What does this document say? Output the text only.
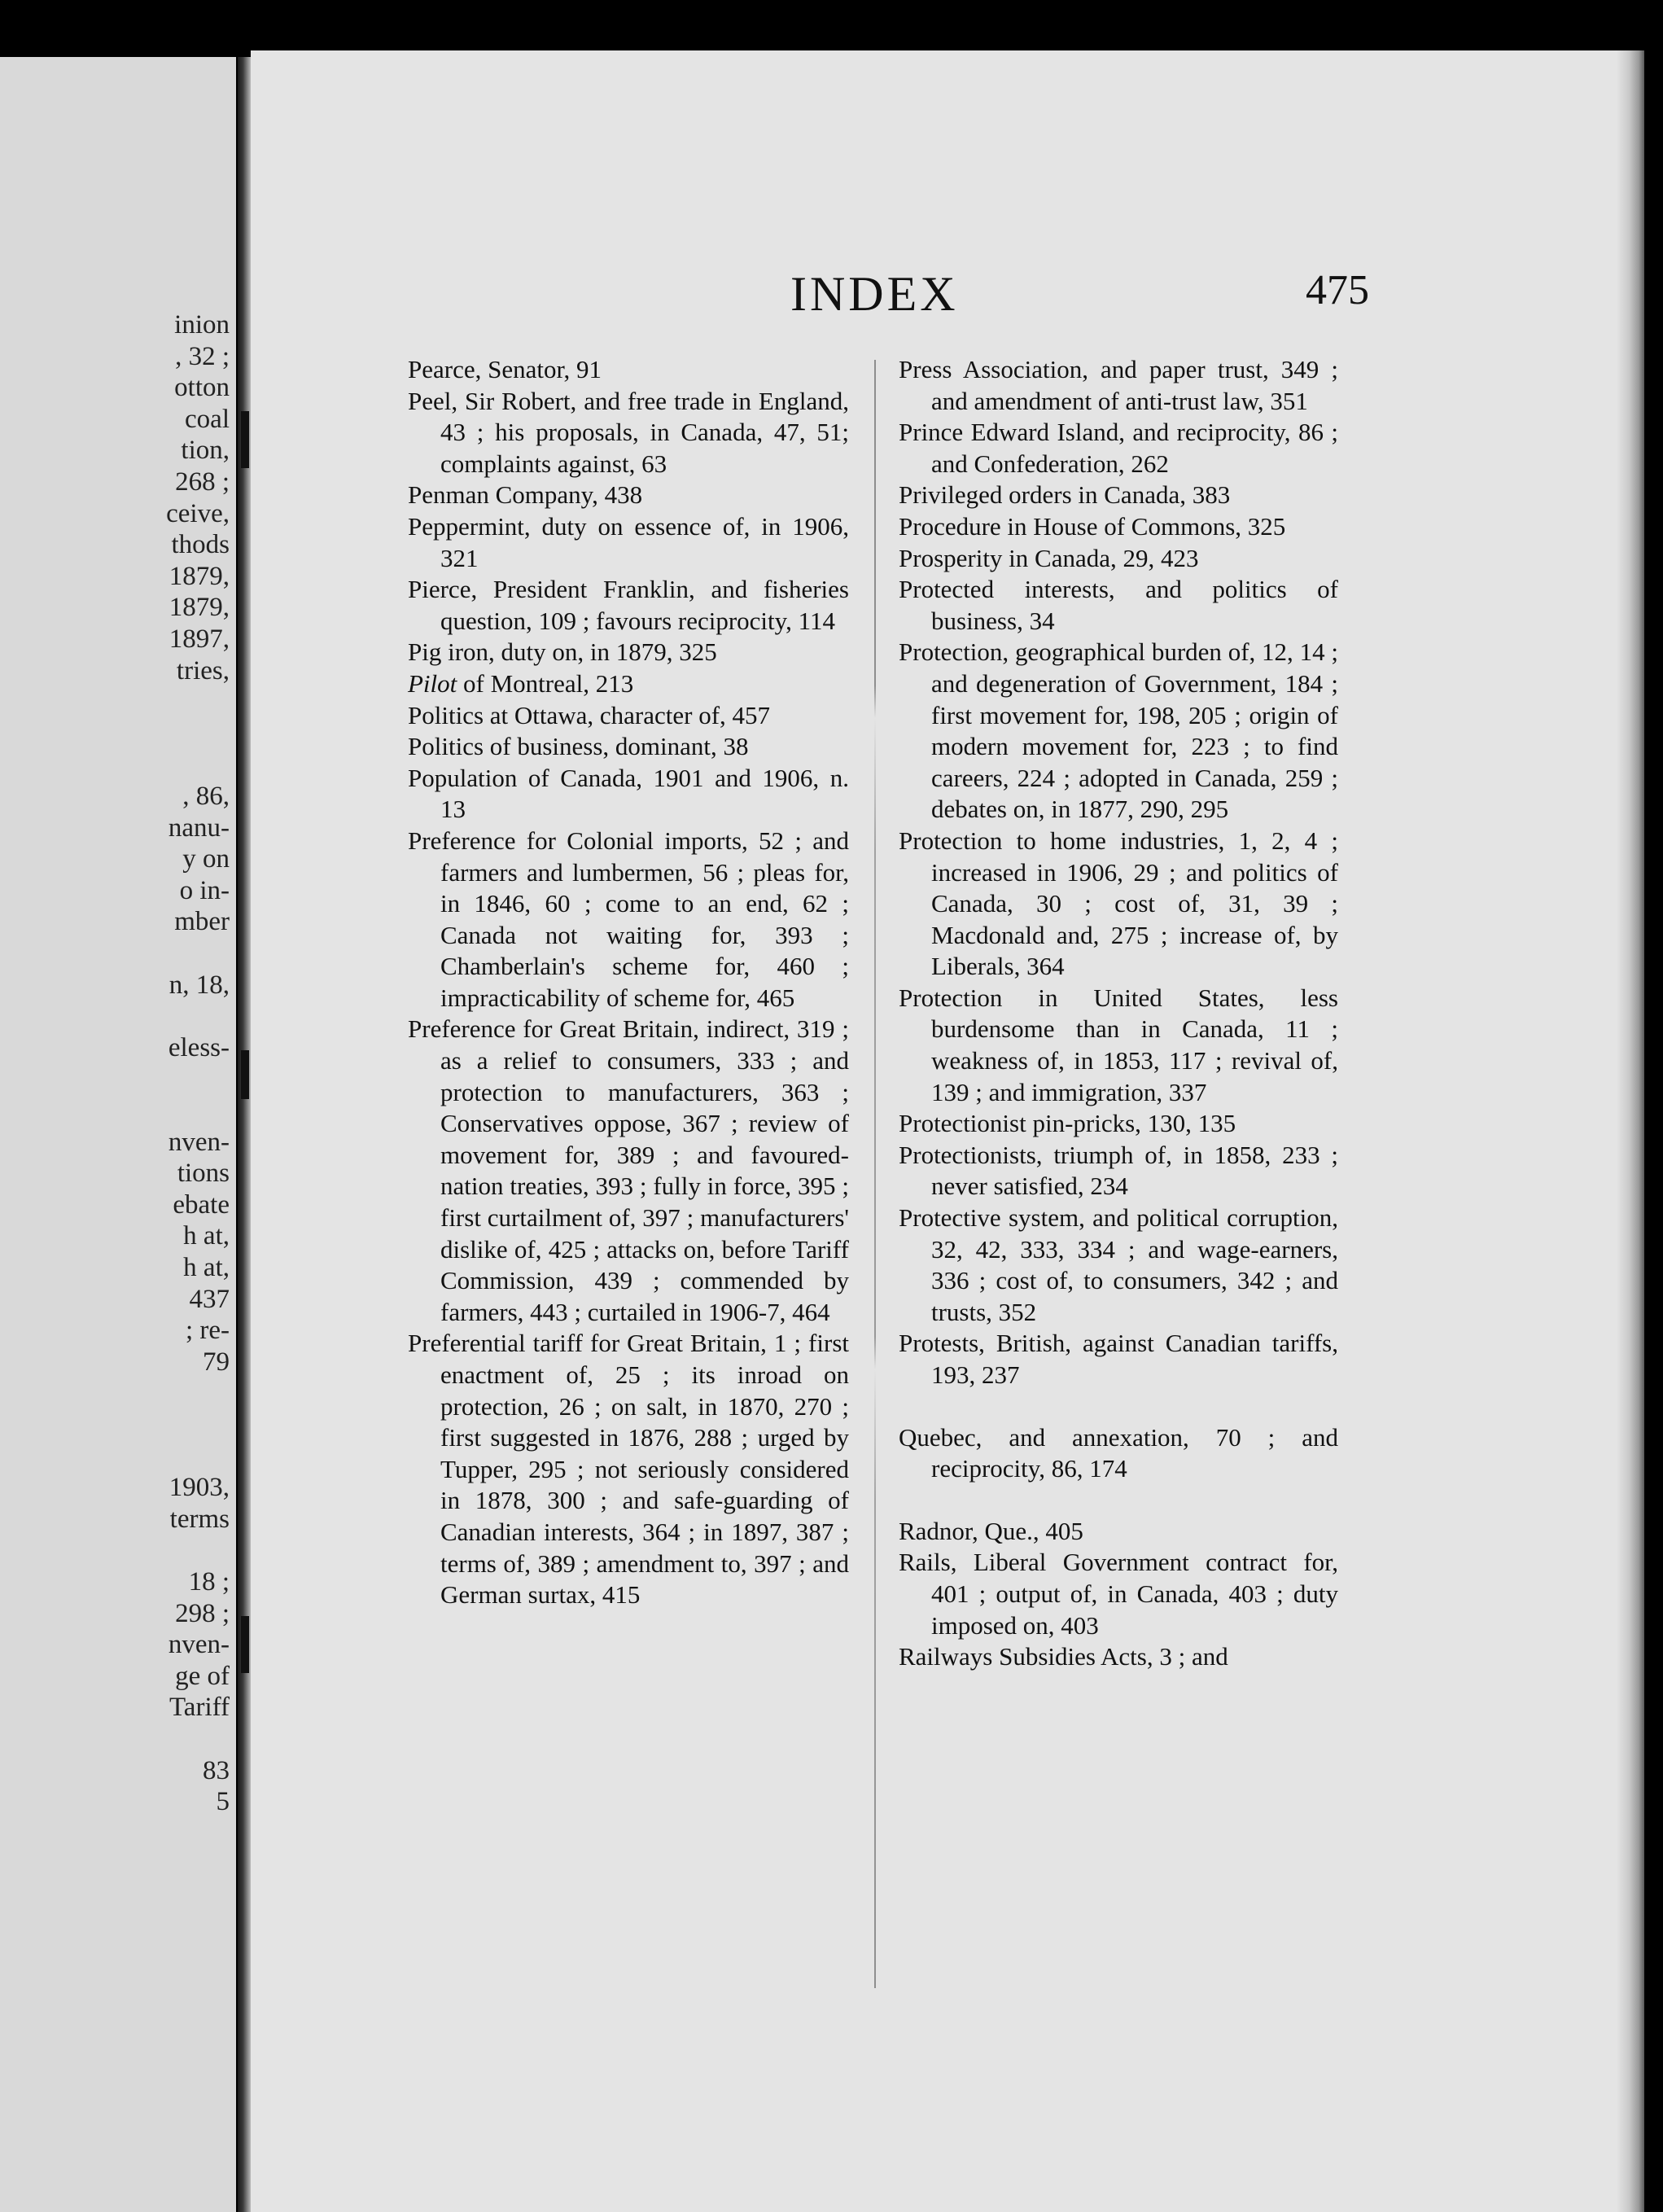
inion
, 32 ;
otton
coal
tion,
268 ;
ceive,
thods
1879,
1879,
1897,
tries,
, 86,
nanu-
y on
o in-
mber
n, 18,
eless-
nven-
tions
ebate
h at,
h at,
437
; re-
79
1903,
terms
18 ;
298 ;
nven-
ge of
Tariff
83
5
INDEX	475
Pearce, Senator, 91
Peel, Sir Robert, and free trade in England, 43 ; his proposals, in Canada, 47, 51; complaints against, 63
Penman Company, 438
Peppermint, duty on essence of, in 1906, 321
Pierce, President Franklin, and fisheries question, 109 ; favours reciprocity, 114
Pig iron, duty on, in 1879, 325
Pilot of Montreal, 213
Politics at Ottawa, character of, 457
Politics of business, dominant, 38
Population of Canada, 1901 and 1906, n. 13
Preference for Colonial imports, 52 ; and farmers and lumbermen, 56 ; pleas for, in 1846, 60 ; come to an end, 62 ; Canada not waiting for, 393 ; Chamberlain's scheme for, 460 ; impracticability of scheme for, 465
Preference for Great Britain, indirect, 319 ; as a relief to consumers, 333 ; and protection to manufacturers, 363 ; Conservatives oppose, 367 ; review of movement for, 389 ; and favoured-nation treaties, 393 ; fully in force, 395 ; first curtailment of, 397 ; manufacturers' dislike of, 425 ; attacks on, before Tariff Commission, 439 ; commended by farmers, 443 ; curtailed in 1906-7, 464
Preferential tariff for Great Britain, 1 ; first enactment of, 25 ; its inroad on protection, 26 ; on salt, in 1870, 270 ; first suggested in 1876, 288 ; urged by Tupper, 295 ; not seriously considered in 1878, 300 ; and safe-guarding of Canadian interests, 364 ; in 1897, 387 ; terms of, 389 ; amendment to, 397 ; and German surtax, 415
Press Association, and paper trust, 349 ; and amendment of anti-trust law, 351
Prince Edward Island, and reciprocity, 86 ; and Confederation, 262
Privileged orders in Canada, 383
Procedure in House of Commons, 325
Prosperity in Canada, 29, 423
Protected interests, and politics of business, 34
Protection, geographical burden of, 12, 14 ; and degeneration of Government, 184 ; first movement for, 198, 205 ; origin of modern movement for, 223 ; to find careers, 224 ; adopted in Canada, 259 ; debates on, in 1877, 290, 295
Protection to home industries, 1, 2, 4 ; increased in 1906, 29 ; and politics of Canada, 30 ; cost of, 31, 39 ; Macdonald and, 275 ; increase of, by Liberals, 364
Protection in United States, less burdensome than in Canada, 11 ; weakness of, in 1853, 117 ; revival of, 139 ; and immigration, 337
Protectionist pin-pricks, 130, 135
Protectionists, triumph of, in 1858, 233 ; never satisfied, 234
Protective system, and political corruption, 32, 42, 333, 334 ; and wage-earners, 336 ; cost of, to consumers, 342 ; and trusts, 352
Protests, British, against Canadian tariffs, 193, 237
Quebec, and annexation, 70 ; and reciprocity, 86, 174
Radnor, Que., 405
Rails, Liberal Government contract for, 401 ; output of, in Canada, 403 ; duty imposed on, 403
Railways Subsidies Acts, 3 ; and
